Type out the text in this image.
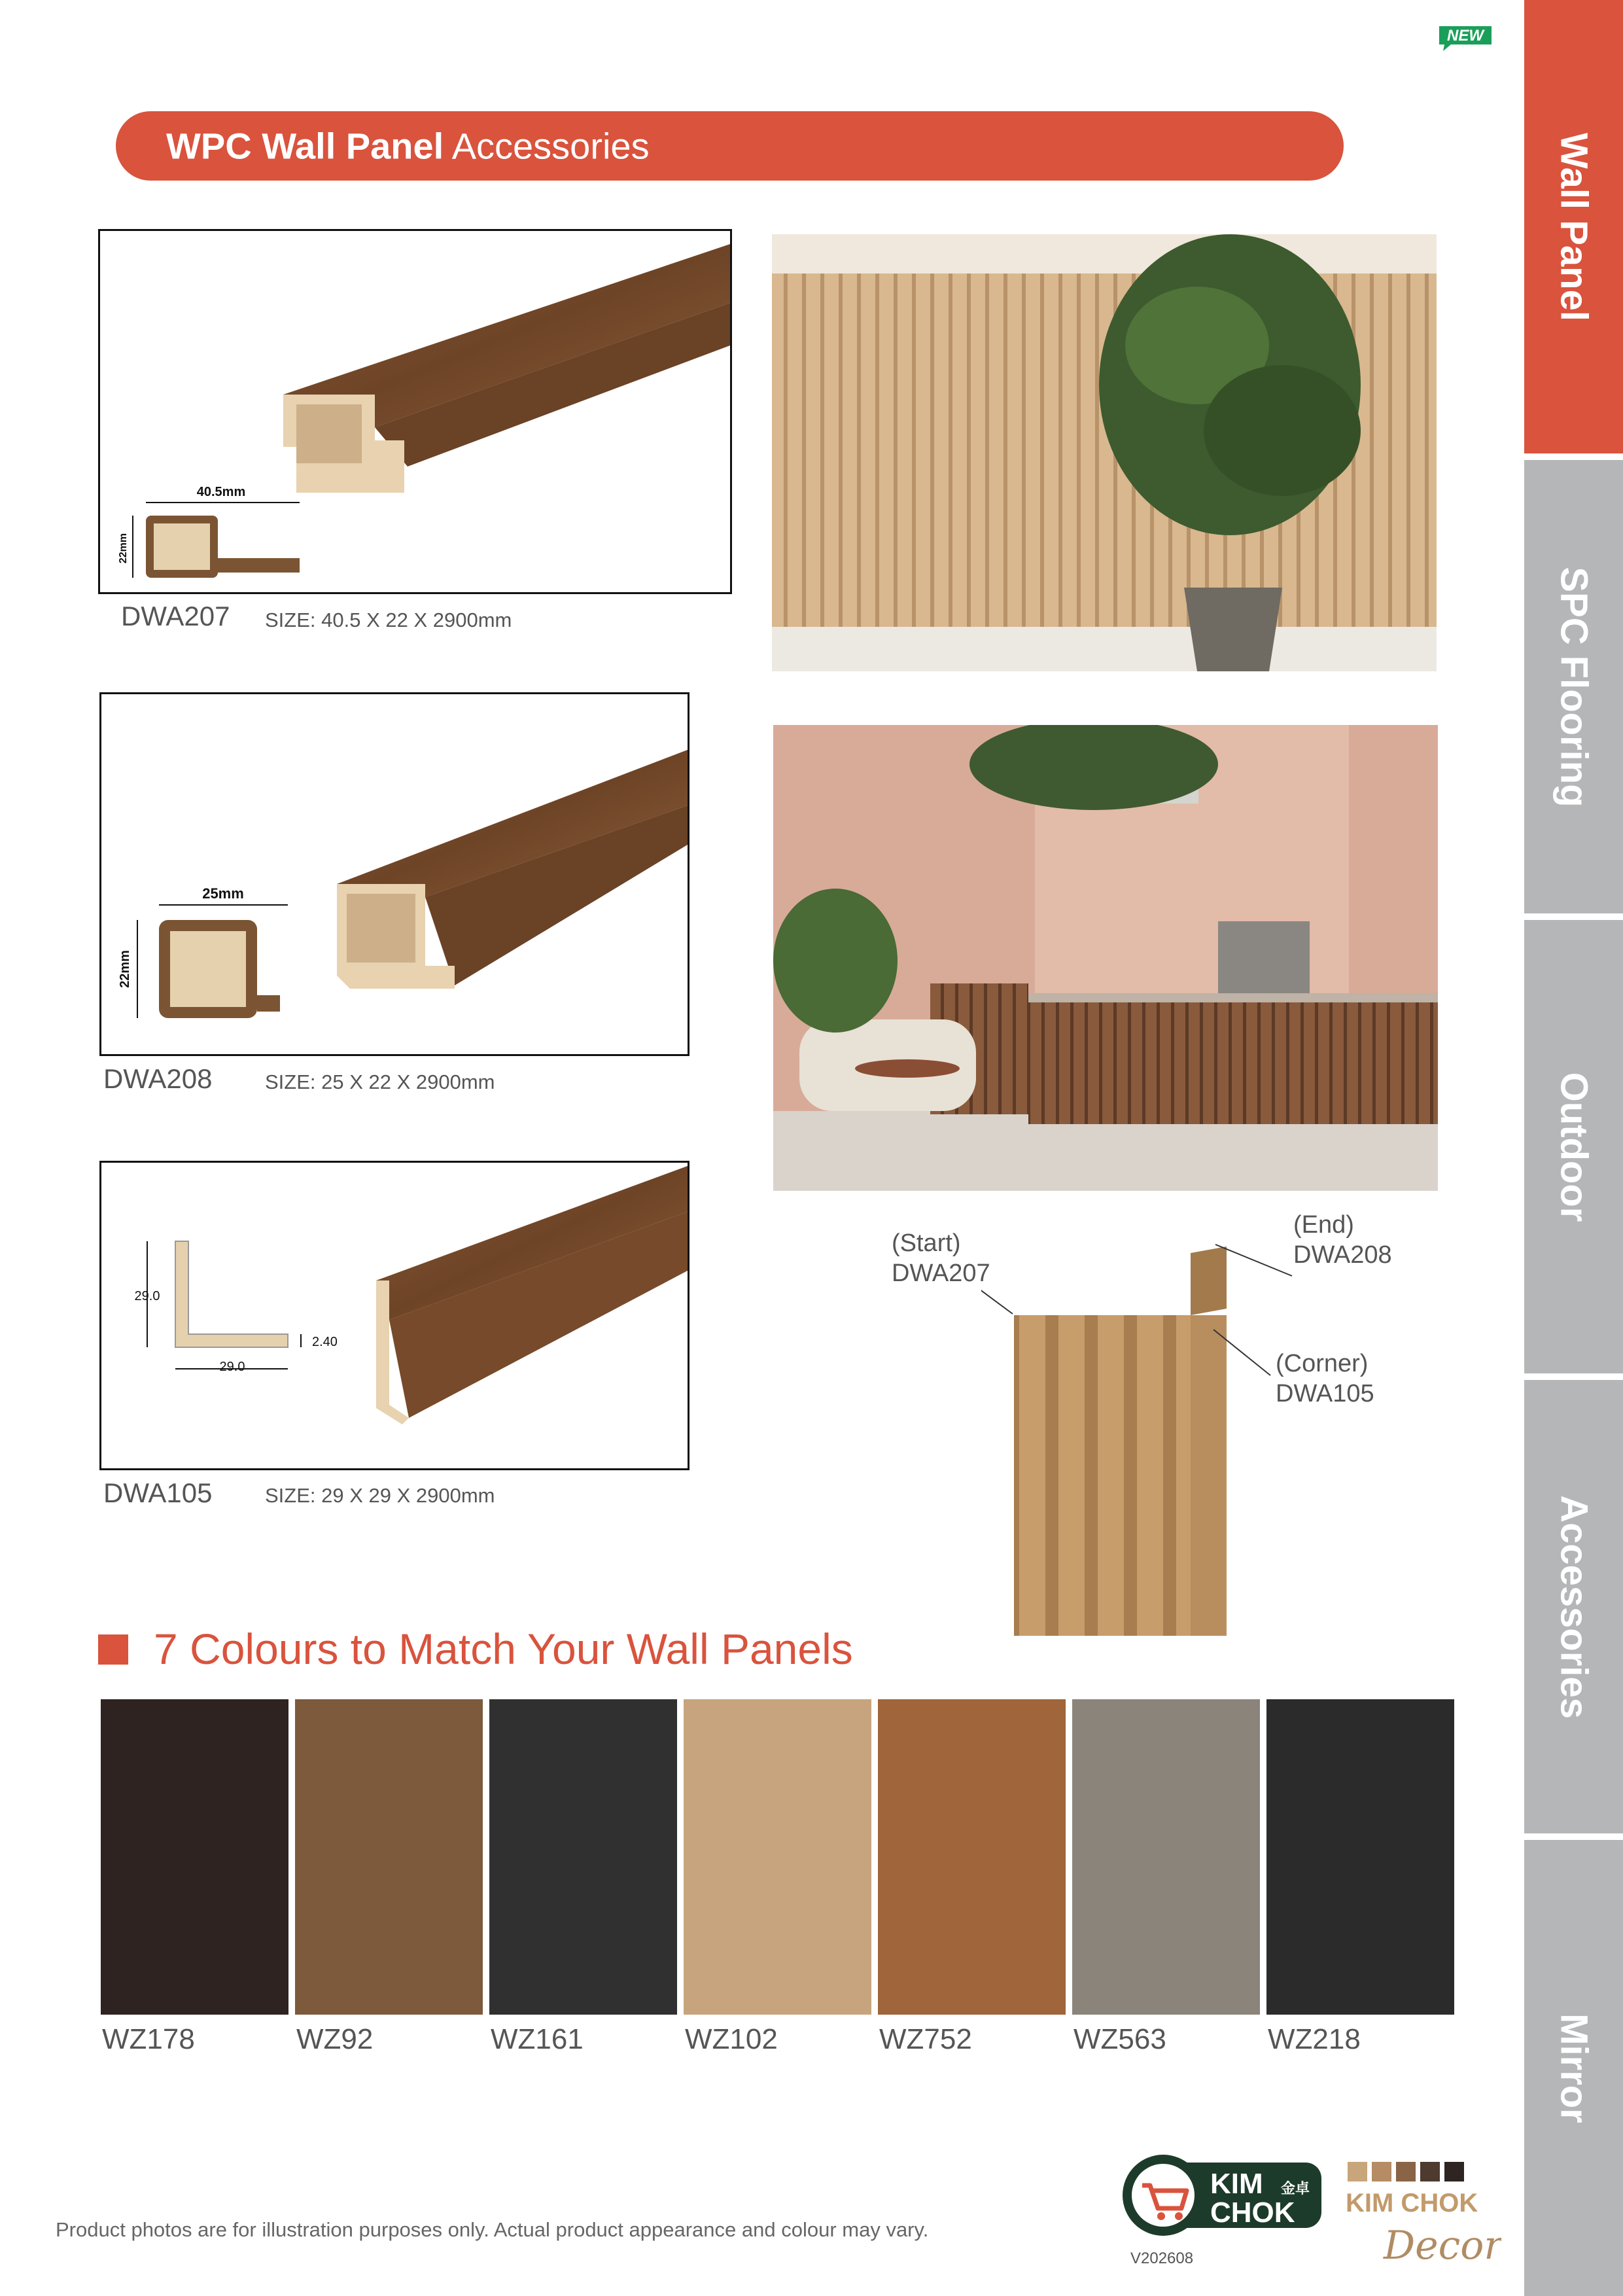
Wall Panel
SPC Flooring
Outdoor
Accessories
Mirror
NEW
WPC Wall Panel Accessories
40.5mm
22mm
DWA207 SIZE: 40.5 X 22 X 2900mm
25mm
22mm
DWA208	SIZE: 25 X 22 X 2900mm
29.0
29.0
2.40
DWA105	SIZE: 29 X 29 X 2900mm
(Start)
DWA207
(End)
DWA208
(Corner)
DWA105
7 Colours to Match Your Wall Panels
WZ178	WZ92	WZ161	WZ102	WZ752	WZ563	WZ218
Product photos are for illustration purposes only. Actual product appearance and colour may vary.
KIM 金卓
CHOK
V202608
KIM CHOK
Decor
